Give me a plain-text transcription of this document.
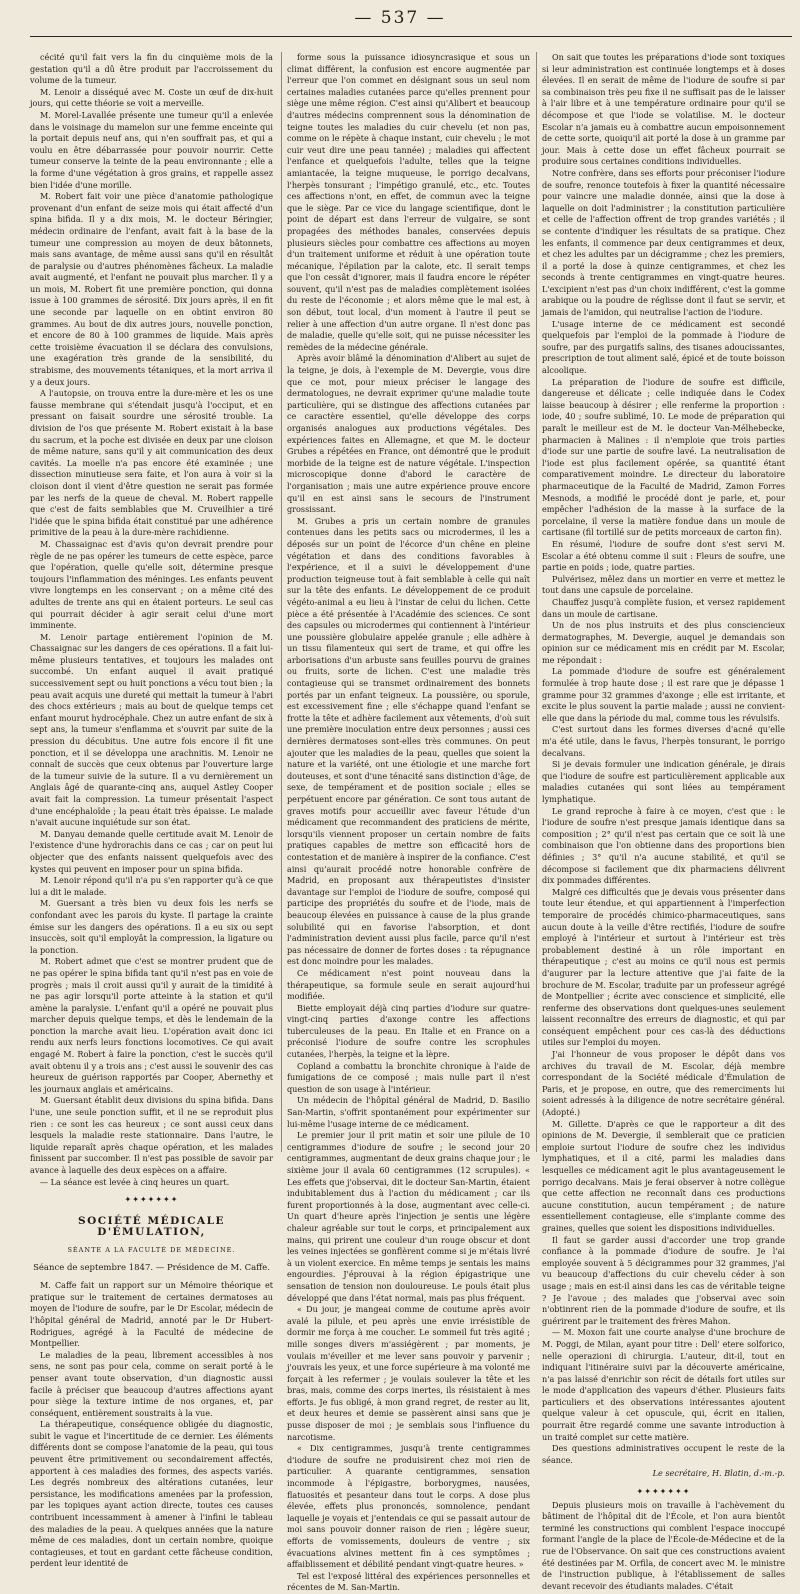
— 537 —

cécité qu'il fait vers la fin du cinquième mois de la gestation qu'il a dû être produit par l'accroissement du volume de la tumeur.

M. Lenoir a disséqué avec M. Coste un œuf de dix-huit jours, qui cette théorie se voit a merveille.

M. Morel-Lavallée présente une tumeur qu'il a enlevée dans le voisinage du mamelon sur une femme enceinte qui la portait depuis neuf ans, qui n'en souffrait pas, et qui a voulu en être débarrassée pour pouvoir nourrir. Cette tumeur conserve la teinte de la peau environnante ; elle a la forme d'une végétation à gros grains, et rappelle assez bien l'idée d'une morille.

M. Robert fait voir une pièce d'anatomie pathologique provenant d'un enfant de seize mois qui était affecté d'un spina bifida. Il y a dix mois, M. le docteur Béringier, médecin ordinaire de l'enfant, avait fait à la base de la tumeur une compression au moyen de deux bâtonnets, mais sans avantage, de même aussi sans qu'il en résultât de paralysie ou d'autres phénomènes fâcheux. La maladie avait augmenté, et l'enfant ne pouvait plus marcher. Il y a un mois, M. Robert fit une première ponction, qui donna issue à 100 grammes de sérosité. Dix jours après, il en fit une seconde par laquelle on en obtint environ 80 grammes. Au bout de dix autres jours, nouvelle ponction, et encore de 80 à 100 grammes de liquide. Mais après cette troisième évacuation il se déclara des convulsions, une exagération très grande de la sensibilité, du strabisme, des mouvements tétaniques, et la mort arriva il y a deux jours.

A l'autopsie, on trouva entre la dure-mère et les os une fausse membrane qui s'étendait jusqu'à l'occiput, et en pressant on faisait sourdre une sérosité trouble. La division de l'os que présente M. Robert existait à la base du sacrum, et la poche est divisée en deux par une cloison de même nature, sans qu'il y ait communication des deux cavités. La moelle n'a pas encore été examinée ; une dissection minutieuse sera faite, et l'on aura à voir si la cloison dont il vient d'être question ne serait pas formée par les nerfs de la queue de cheval. M. Robert rappelle que c'est de faits semblables que M. Cruveilhier a tiré l'idée que le spina bifida était constitué par une adhérence primitive de la peau à la dure-mère rachidienne.

M. Chassaignac est d'avis qu'on devrait prendre pour règle de ne pas opérer les tumeurs de cette espèce, parce que l'opération, quelle qu'elle soit, détermine presque toujours l'inflammation des méninges. Les enfants peuvent vivre longtemps en les conservant ; on a même cité des adultes de trente ans qui en étaient porteurs. Le seul cas qui pourrait décider à agir serait celui d'une mort imminente.

M. Lenoir partage entièrement l'opinion de M. Chassaignac sur les dangers de ces opérations. Il a fait lui-même plusieurs tentatives, et toujours les malades ont succombé. Un enfant auquel il avait pratiqué successivement sept ou huit ponctions a vécu tout bien ; la peau avait acquis une dureté qui mettait la tumeur à l'abri des chocs extérieurs ; mais au bout de quelque temps cet enfant mourut hydrocéphale. Chez un autre enfant de six à sept ans, la tumeur s'enflamma et s'ouvrit par suite de la pression du décubitus. Une autre fois encore il fit une ponction, et il se développa une arachnitis. M. Lenoir ne connaît de succès que ceux obtenus par l'ouverture large de la tumeur suivie de la suture. Il a vu dernièrement un Anglais âgé de quarante-cinq ans, auquel Astley Cooper avait fait la compression. La tumeur présentait l'aspect d'une encéphaloïde ; la peau était très épaisse. Le malade n'avait aucune inquiétude sur son état.

M. Danyau demande quelle certitude avait M. Lenoir de l'existence d'une hydrorachis dans ce cas ; car on peut lui objecter que des enfants naissent quelquefois avec des kystes qui peuvent en imposer pour un spina bifida.

M. Lenoir répond qu'il n'a pu s'en rapporter qu'à ce que lui a dit le malade.

M. Guersant a très bien vu deux fois les nerfs se confondant avec les parois du kyste. Il partage la crainte émise sur les dangers des opérations. Il a eu six ou sept insuccès, soit qu'il employât la compression, la ligature ou la ponction.

M. Robert admet que c'est se montrer prudent que de ne pas opérer le spina bifida tant qu'il n'est pas en voie de progrès ; mais il croit aussi qu'il y aurait de la timidité à ne pas agir lorsqu'il porte atteinte à la station et qu'il amène la paralysie. L'enfant qu'il a opéré ne pouvait plus marcher depuis quelque temps, et dès le lendemain de la ponction la marche avait lieu. L'opération avait donc ici rendu aux nerfs leurs fonctions locomotives. Ce qui avait engagé M. Robert à faire la ponction, c'est le succès qu'il avait obtenu il y a trois ans ; c'est aussi le souvenir des cas heureux de guérison rapportés par Cooper, Abernethy et les journaux anglais et américains.

M. Guersant établit deux divisions du spina bifida. Dans l'une, une seule ponction suffit, et il ne se reproduit plus rien : ce sont les cas heureux ; ce sont aussi ceux dans lesquels la maladie reste stationnaire. Dans l'autre, le liquide reparaît après chaque opération, et les malades finissent par succomber. Il n'est pas possible de savoir par avance à laquelle des deux espèces on a affaire.

— La séance est levée à cinq heures un quart.

✦✦✦✦✦✦✦
SOCIÉTÉ MÉDICALE D'ÉMULATION,
SÉANTE A LA FACULTÉ DE MÉDECINE.
Séance de septembre 1847. — Présidence de M. Caffe.

M. Caffe fait un rapport sur un Mémoire théorique et pratique sur le traitement de certaines dermatoses au moyen de l'iodure de soufre, par le Dr Escolar, médecin de l'hôpital général de Madrid, annoté par le Dr Hubert-Rodrigues, agrégé à la Faculté de médecine de Montpellier.

Le maladies de la peau, librement accessibles à nos sens, ne sont pas pour cela, comme on serait porté à le penser avant toute observation, d'un diagnostic aussi facile à préciser que beaucoup d'autres affections ayant pour siège la texture intime de nos organes, et, par conséquent, entièrement soustraits à la vue.

La thérapeutique, conséquence obligée du diagnostic, subit le vague et l'incertitude de ce dernier. Les éléments différents dont se compose l'anatomie de la peau, qui tous peuvent être primitivement ou secondairement affectés, apportent à ces maladies des formes, des aspects variés. Les degrés nombreux des altérations cutanées, leur persistance, les modifications amenées par la profession, par les topiques ayant action directe, toutes ces causes contribuent incessamment à amener à l'infini le tableau des maladies de la peau. A quelques années que la nature même de ces maladies, dont un certain nombre, quoique contagieuses, et tout en gardant cette fâcheuse condition, perdent leur identité de

forme sous la puissance idiosyncrasique et sous un climat différent, la confusion est encore augmentée par l'erreur que l'on commet en désignant sous un seul nom certaines maladies cutanées parce qu'elles prennent pour siège une même région. C'est ainsi qu'Alibert et beaucoup d'autres médecins comprennent sous la dénomination de teigne toutes les maladies du cuir chevelu (et non pas, comme on le répète à chaque instant, cuir chevelu ; le mot cuir veut dire une peau tannée) ; maladies qui affectent l'enfance et quelquefois l'adulte, telles que la teigne amiantacée, la teigne muqueuse, le porrigo decalvans, l'herpès tonsurant ; l'impétigo granulé, etc., etc. Toutes ces affections n'ont, en effet, de commun avec la teigne que le siège. Par ce vice du langage scientifique, dont le point de départ est dans l'erreur de vulgaire, se sont propagées des méthodes banales, conservées depuis plusieurs siècles pour combattre ces affections au moyen d'un traitement uniforme et réduit à une opération toute mécanique, l'épilation par la calote, etc. Il serait temps que l'on cessât d'ignorer, mais il faudra encore le répéter souvent, qu'il n'est pas de maladies complètement isolées du reste de l'économie ; et alors même que le mal est, à son début, tout local, d'un moment à l'autre il peut se relier à une affection d'un autre organe. Il n'est donc pas de maladie, quelle qu'elle soit, qui ne puisse nécessiter les remèdes de la médecine générale.

Après avoir blâmé la dénomination d'Alibert au sujet de la teigne, je dois, à l'exemple de M. Devergie, vous dire que ce mot, pour mieux préciser le langage des dermatologues, ne devrait exprimer qu'une maladie toute particulière, qui se distingue des affections cutanées par ce caractère essentiel, qu'elle développe des corps organisés analogues aux productions végétales. Des expériences faites en Allemagne, et que M. le docteur Grubes a répétées en France, ont démontré que le produit morbide de la teigne est de nature végétale. L'inspection microscopique donne d'abord le caractère de l'organisation ; mais une autre expérience prouve encore qu'il en est ainsi sans le secours de l'instrument grossissant.

M. Grubes a pris un certain nombre de granules contenues dans les petits sacs ou microdermes, il les a déposés sur un point de l'écorce d'un chêne en pleine végétation et dans des conditions favorables à l'expérience, et il a suivi le développement d'une production teigneuse tout à fait semblable à celle qui naît sur la tête des enfants. Le développement de ce produit végéto-animal a eu lieu à l'instar de celui du lichen. Cette pièce a été présentée à l'Académie des sciences. Ce sont des capsules ou microdermes qui contiennent à l'intérieur une poussière globulaire appelée granule ; elle adhère à un tissu filamenteux qui sert de trame, et qui offre les arborisations d'un arbuste sans feuilles pourvu de graines ou fruits, sorte de lichen. C'est une maladie très contagieuse qui se transmet ordinairement des bonnets portés par un enfant teigneux. La poussière, ou sporule, est excessivement fine ; elle s'échappe quand l'enfant se frotte la tête et adhère facilement aux vêtements, d'où suit une première inoculation entre deux personnes ; aussi ces dernières dermatoses sont-elles très communes. On peut ajouter que les maladies de la peau, quelles que soient la nature et la variété, ont une étiologie et une marche fort douteuses, et sont d'une ténacité sans distinction d'âge, de sexe, de tempérament et de position sociale ; elles se perpétuent encore par génération. Ce sont tous autant de graves motifs pour accueillir avec faveur l'étude d'un médicament que recommandent des praticiens de mérite, lorsqu'ils viennent proposer un certain nombre de faits pratiques capables de mettre son efficacité hors de contestation et de manière à inspirer de la confiance. C'est ainsi qu'aurait procédé notre honorable confrère de Madrid, en proposant aux thérapeutistes d'insister davantage sur l'emploi de l'iodure de soufre, composé qui participe des propriétés du soufre et de l'iode, mais de beaucoup élevées en puissance à cause de la plus grande solubilité qui en favorise l'absorption, et dont l'administration devient aussi plus facile, parce qu'il n'est pas nécessaire de donner de fortes doses : ta répugnance est donc moindre pour les malades.

Ce médicament n'est point nouveau dans la thérapeutique, sa formule seule en serait aujourd'hui modifiée.

Biette employait déjà cinq parties d'iodure sur quatre-vingt-cinq parties d'axonge contre les affections tuberculeuses de la peau. En Italie et en France on a préconisé l'iodure de soufre contre les scrophules cutanées, l'herpès, la teigne et la lèpre.

Copland a combattu la bronchite chronique à l'aide de fumigations de ce composé ; mais nulle part il n'est question de son usage à l'intérieur.

Un médecin de l'hôpital général de Madrid, D. Basilio San-Martin, s'offrit spontanément pour expérimenter sur lui-même l'usage interne de ce médicament.

Le premier jour il prit matin et soir une pilule de 10 centigrammes d'iodure de soufre ; le second jour 20 centigrammes, augmentant de deux grains chaque jour ; le sixième jour il avala 60 centigrammes (12 scrupules). « Les effets que j'observai, dit le docteur San-Martin, étaient indubitablement dus à l'action du médicament ; car ils furent proportionnés à la dose, augmentant avec celle-ci. Un quart d'heure après l'injection je sentis une légère chaleur agréable sur tout le corps, et principalement aux mains, qui prirent une couleur d'un rouge obscur et dont les veines injectées se gonflèrent comme si je m'étais livré à un violent exercice. En même temps je sentais les mains engourdies. J'éprouvai à la région épigastrique une sensation de tension non douloureuse. Le pouls était plus développé que dans l'état normal, mais pas plus fréquent.

« Du jour, je mangeai comme de coutume après avoir avalé la pilule, et peu après une envie irrésistible de dormir me força à me coucher. Le sommeil fut très agité ; mille songes divers m'assiégèrent ; par moments, je voulais m'éveiller et me lever sans pouvoir y parvenir ; j'ouvrais les yeux, et une force supérieure à ma volonté me forçait à les refermer ; je voulais soulever la tête et les bras, mais, comme des corps inertes, ils résistaient à mes efforts. Je fus obligé, à mon grand regret, de rester au lit, et deux heures et demie se passèrent ainsi sans que je pusse disposer de moi ; je semblais sous l'influence du narcotisme.

« Dix centigrammes, jusqu'à trente centigrammes d'iodure de soufre ne produisirent chez moi rien de particulier. A quarante centigrammes, sensation incommode à l'épigastre, borborygmes, nausées, flatuosités et pesanteur dans tout le corps. A dose plus élevée, effets plus prononcés, somnolence, pendant laquelle je voyais et j'entendais ce qui se passait autour de moi sans pouvoir donner raison de rien ; légère sueur, efforts de vomissements, douleurs de ventre ; six évacuations alvines mettent fin à ces symptômes ; affaiblissement et débilité pendant vingt-quatre heures. »

Tel est l'exposé littéral des expériences personnelles et récentes de M. San-Martin.

On sait que toutes les préparations d'iode sont toxiques si leur administration est continuée longtemps et à doses élevées. Il en serait de même de l'iodure de soufre si par sa combinaison très peu fixe il ne suffisait pas de le laisser à l'air libre et à une température ordinaire pour qu'il se décompose et que l'iode se volatilise. M. le docteur Escolar n'a jamais eu à combattre aucun empoisonnement de cette sorte, quoiqu'il ait porté la dose à un gramme par jour. Mais à cette dose un effet fâcheux pourrait se produire sous certaines conditions individuelles.

Notre confrère, dans ses efforts pour préconiser l'iodure de soufre, renonce toutefois à fixer la quantité nécessaire pour vaincre une maladie donnée, ainsi que la dose à laquelle on doit l'administrer ; la constitution particulière et celle de l'affection offrent de trop grandes variétés ; il se contente d'indiquer les résultats de sa pratique. Chez les enfants, il commence par deux centigrammes et deux, et chez les adultes par un décigramme ; chez les premiers, il a porté la dose à quinze centigrammes, et chez les seconds à trente centigrammes en vingt-quatre heures. L'excipient n'est pas d'un choix indifférent, c'est la gomme arabique ou la poudre de réglisse dont il faut se servir, et jamais de l'amidon, qui neutralise l'action de l'iodure.

L'usage interne de ce médicament est secondé quelquefois par l'emploi de la pommade à l'iodure de soufre, par des purgatifs salins, des tisanes adoucissantes, prescription de tout aliment salé, épicé et de toute boisson alcoolique.

La préparation de l'iodure de soufre est difficile, dangereuse et délicate ; celle indiquée dans le Codex laisse beaucoup à désirer ; elle renferme la proportion : iode, 40 ; soufre sublimé, 10. Le mode de préparation qui paraît le meilleur est de M. le docteur Van-Mélhebecke, pharmacien à Malines : il n'emploie que trois parties d'iode sur une partie de soufre lavé. La neutralisation de l'iode est plus facilement opérée, sa quantité étant comparativement moindre. Le directeur du laboratoire pharmaceutique de la Faculté de Madrid, Zamon Forres Mesnods, a modifié le procédé dont je parle, et, pour empêcher l'adhésion de la masse à la surface de la porcelaine, il verse la matière fondue dans un moule de cartisane (fil tortillé sur de petits morceaux de carton fin).

En résumé, l'iodure de soufre dont s'est servi M. Escolar a été obtenu comme il suit : Fleurs de soufre, une partie en poids ; iode, quatre parties.

Pulvérisez, mêlez dans un mortier en verre et mettez le tout dans une capsule de porcelaine.

Chauffez jusqu'à complète fusion, et versez rapidement dans un moule de cartisane.

Un de nos plus instruits et des plus consciencieux dermatographes, M. Devergie, auquel je demandais son opinion sur ce médicament mis en crédit par M. Escolar, me répondait :

La pommade d'iodure de soufre est généralement formulée à trop haute dose ; il est rare que je dépasse 1 gramme pour 32 grammes d'axonge ; elle est irritante, et excite le plus souvent la partie malade ; aussi ne convient-elle que dans la période du mal, comme tous les révulsifs.

C'est surtout dans les formes diverses d'acné qu'elle m'a été utile, dans le favus, l'herpès tonsurant, le porrigo decalvans.

Si je devais formuler une indication générale, je dirais que l'iodure de soufre est particulièrement applicable aux maladies cutanées qui sont liées au tempérament lymphatique.

Le grand reproche à faire à ce moyen, c'est que : le l'iodure de soufre n'est presque jamais identique dans sa composition ; 2° qu'il n'est pas certain que ce soit là une combinaison que l'on obtienne dans des proportions bien définies ; 3° qu'il n'a aucune stabilité, et qu'il se décompose si facilement que dix pharmaciens délivrent dix pommades différentes.

Malgré ces difficultés que je devais vous présenter dans toute leur étendue, et qui appartiennent à l'imperfection temporaire de procédés chimico-pharmaceutiques, sans aucun doute à la veille d'être rectifiés, l'iodure de soufre employé à l'intérieur et surtout à l'intérieur est très probablement destiné à un rôle important en thérapeutique ; c'est au moins ce qu'il nous est permis d'augurer par la lecture attentive que j'ai faite de la brochure de M. Escolar, traduite par un professeur agrégé de Montpellier ; écrite avec conscience et simplicité, elle renferme des observations dont quelques-unes seulement laissent reconnaître des erreurs de diagnostic, et qui par conséquent empêchent pour ces cas-là des déductions utiles sur l'emploi du moyen.

J'ai l'honneur de vous proposer le dépôt dans vos archives du travail de M. Escolar, déjà membre correspondant de la Société médicale d'Émulation de Paris, et je propose, en outre, que des remerciments lui soient adressés à la diligence de notre secrétaire général. (Adopté.)

M. Gillette. D'après ce que le rapporteur a dit des opinions de M. Devergie, il semblerait que ce praticien emploie surtout l'iodure de soufre chez les individus lymphatiques, et il a cité, parmi les maladies dans lesquelles ce médicament agit le plus avantageusement le porrigo decalvans. Mais je ferai observer à notre collègue que cette affection ne reconnaît dans ces productions aucune constitution, aucun tempérament ; de nature essentiellement contagieuse, elle s'implante comme des graines, quelles que soient les dispositions individuelles.

Il faut se garder aussi d'accorder une trop grande confiance à la pommade d'iodure de soufre. Je l'ai employée souvent à 5 décigrammes pour 32 grammes, j'ai vu beaucoup d'affections du cuir chevelu céder à son usage ; mais en est-il ainsi dans les cas de véritable teigne ? Je l'avoue ; des malades que j'observai avec soin n'obtinrent rien de la pommade d'iodure de soufre, et ils guérirent par le traitement des frères Mahon.

— M. Moxon fait une courte analyse d'une brochure de M. Poggi, de Milan, ayant pour titre : Dell' etere solforico, nelle operazioni di chirurgia. L'auteur, dit-il, tout en indiquant l'itinéraire suivi par la découverte américaine, n'a pas laissé d'enrichir son récit de détails fort utiles sur le mode d'application des vapeurs d'éther. Plusieurs faits particuliers et des observations intéressantes ajoutent quelque valeur à cet opuscule, qui, écrit en italien, pourrait être regardé comme une savante introduction à un traité complet sur cette matière.

Des questions administratives occupent le reste de la séance.

Le secrétaire, H. Blatin, d.-m.-p.
✦✦✦✦✦✦✦

Depuis plusieurs mois on travaille à l'achèvement du bâtiment de l'hôpital dit de l'École, et l'on aura bientôt terminé les constructions qui comblent l'espace inoccupé formant l'angle de la place de l'École-de-Médecine et de la rue de l'Observance. On sait que ces constructions avaient été destinées par M. Orfila, de concert avec M. le ministre de l'instruction publique, à l'établissement de salles devant recevoir des étudiants malades. C'était
